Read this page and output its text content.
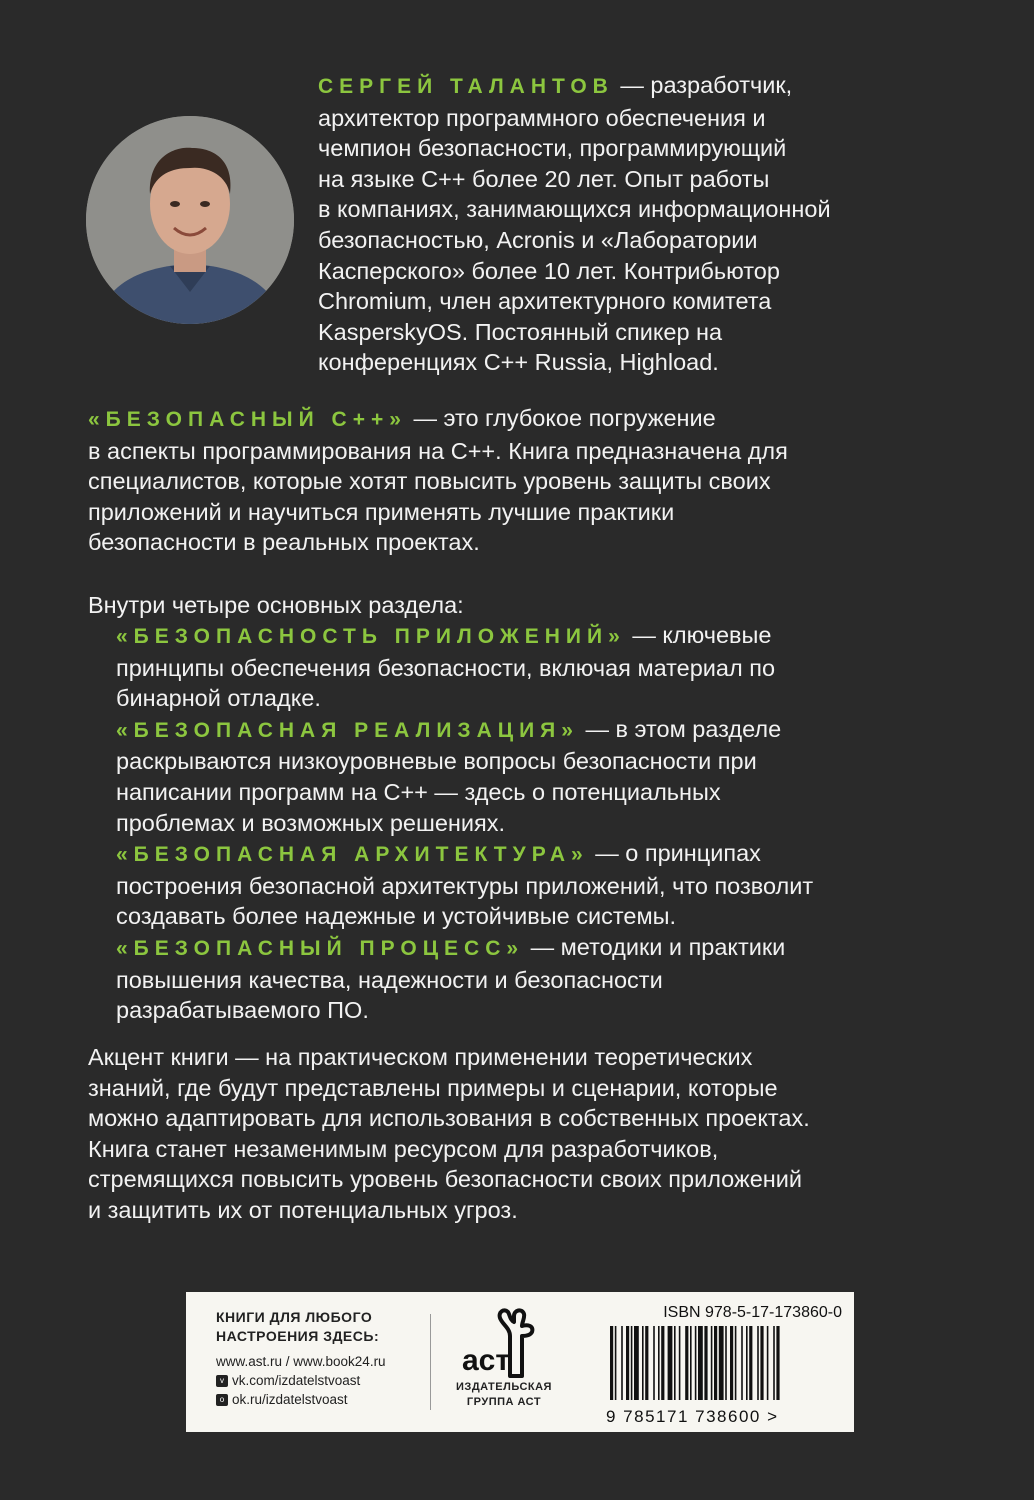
СЕРГЕЙ ТАЛАНТОВ — разработчик,

архитектор программного обеспечения и

чемпион безопасности, программирующий

на языке C++ более 20 лет. Опыт работы

в компаниях, занимающихся информационной

безопасностью, Acronis и «Лаборатории

Касперского» более 10 лет. Контрибьютор

Chromium, член архитектурного комитета

KasperskyOS. Постоянный спикер на

конференциях C++ Russia, Highload.

«БЕЗОПАСНЫЙ С++» — это глубокое погружение

в аспекты программирования на C++. Книга предназначена для

специалистов, которые хотят повысить уровень защиты своих

приложений и научиться применять лучшие практики

безопасности в реальных проектах.

Внутри четыре основных раздела:

«БЕЗОПАСНОСТЬ ПРИЛОЖЕНИЙ» — ключевые

принципы обеспечения безопасности, включая материал по

бинарной отладке.

«БЕЗОПАСНАЯ РЕАЛИЗАЦИЯ» — в этом разделе

раскрываются низкоуровневые вопросы безопасности при

написании программ на C++ — здесь о потенциальных

проблемах и возможных решениях.

«БЕЗОПАСНАЯ АРХИТЕКТУРА» — о принципах

построения безопасной архитектуры приложений, что позволит

создавать более надежные и устойчивые системы.

«БЕЗОПАСНЫЙ ПРОЦЕСС» — методики и практики

повышения качества, надежности и безопасности

разрабатываемого ПО.

Акцент книги — на практическом применении теоретических

знаний, где будут представлены примеры и сценарии, которые

можно адаптировать для использования в собственных проектах.

Книга станет незаменимым ресурсом для разработчиков,

стремящихся повысить уровень безопасности своих приложений

и защитить их от потенциальных угроз.

КНИГИ ДЛЯ ЛЮБОГО
НАСТРОЕНИЯ ЗДЕСЬ:
www.ast.ru / www.book24.ru
v vk.com/izdatelstvoast
o ok.ru/izdatelstvoast
аст
ИЗДАТЕЛЬСКАЯ
ГРУППА АСТ
ISBN 978-5-17-173860-0
9 785171 738600 >
